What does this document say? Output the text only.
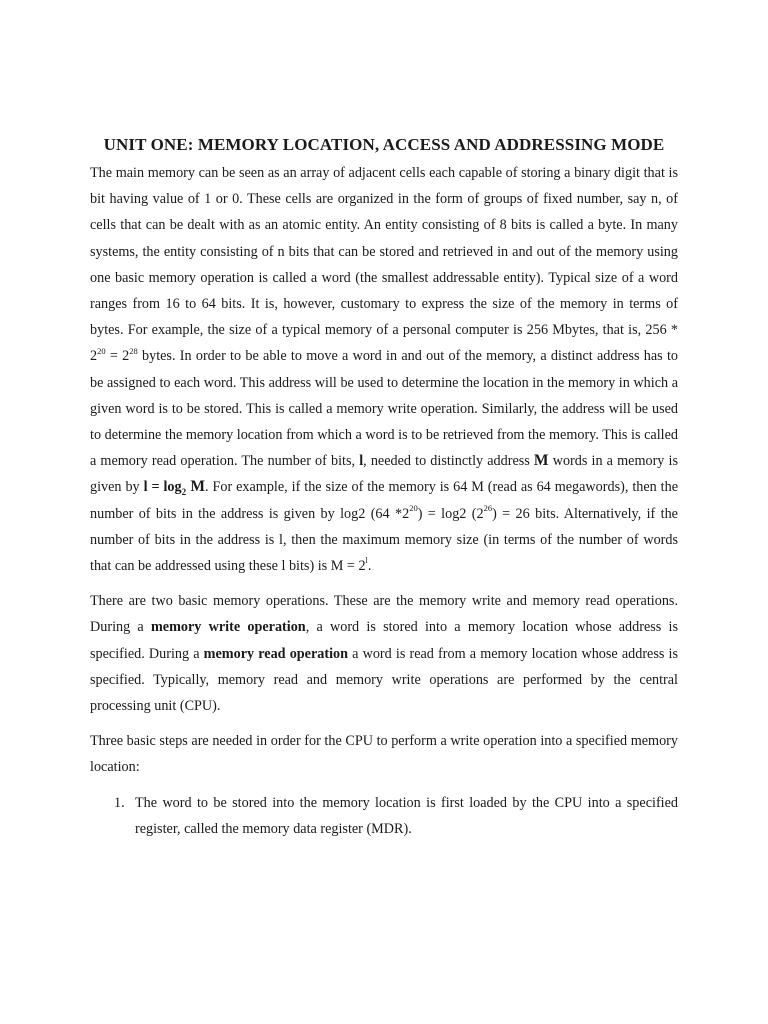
UNIT ONE: MEMORY LOCATION, ACCESS AND ADDRESSING MODE

The main memory can be seen as an array of adjacent cells each capable of storing a binary digit that is bit having value of 1 or 0. These cells are organized in the form of groups of fixed number, say n, of cells that can be dealt with as an atomic entity. An entity consisting of 8 bits is called a byte. In many systems, the entity consisting of n bits that can be stored and retrieved in and out of the memory using one basic memory operation is called a word (the smallest addressable entity). Typical size of a word ranges from 16 to 64 bits. It is, however, customary to express the size of the memory in terms of bytes. For example, the size of a typical memory of a personal computer is 256 Mbytes, that is, $256 * 2^{20} = 2^{28}$ bytes. In order to be able to move a word in and out of the memory, a distinct address has to be assigned to each word. This address will be used to determine the location in the memory in which a given word is to be stored. This is called a memory write operation. Similarly, the address will be used to determine the memory location from which a word is to be retrieved from the memory. This is called a memory read operation. The number of bits, l, needed to distinctly address M words in a memory is given by $l = \log_2 M$. For example, if the size of the memory is 64 M (read as 64 megawords), then the number of bits in the address is given by log2 (64 $*2^{20}) = \log 2$ $(2^{26}) = 26$ bits. Alternatively, if the number of bits in the address is l, then the maximum memory size (in terms of the number of words that can be addressed using these l bits) is $M = 2^l$.

There are two basic memory operations. These are the memory write and memory read operations. During a memory write operation, a word is stored into a memory location whose address is specified. During a memory read operation a word is read from a memory location whose address is specified. Typically, memory read and memory write operations are performed by the central processing unit (CPU).

Three basic steps are needed in order for the CPU to perform a write operation into a specified memory location:

1. The word to be stored into the memory location is first loaded by the CPU into a specified register, called the memory data register (MDR).
